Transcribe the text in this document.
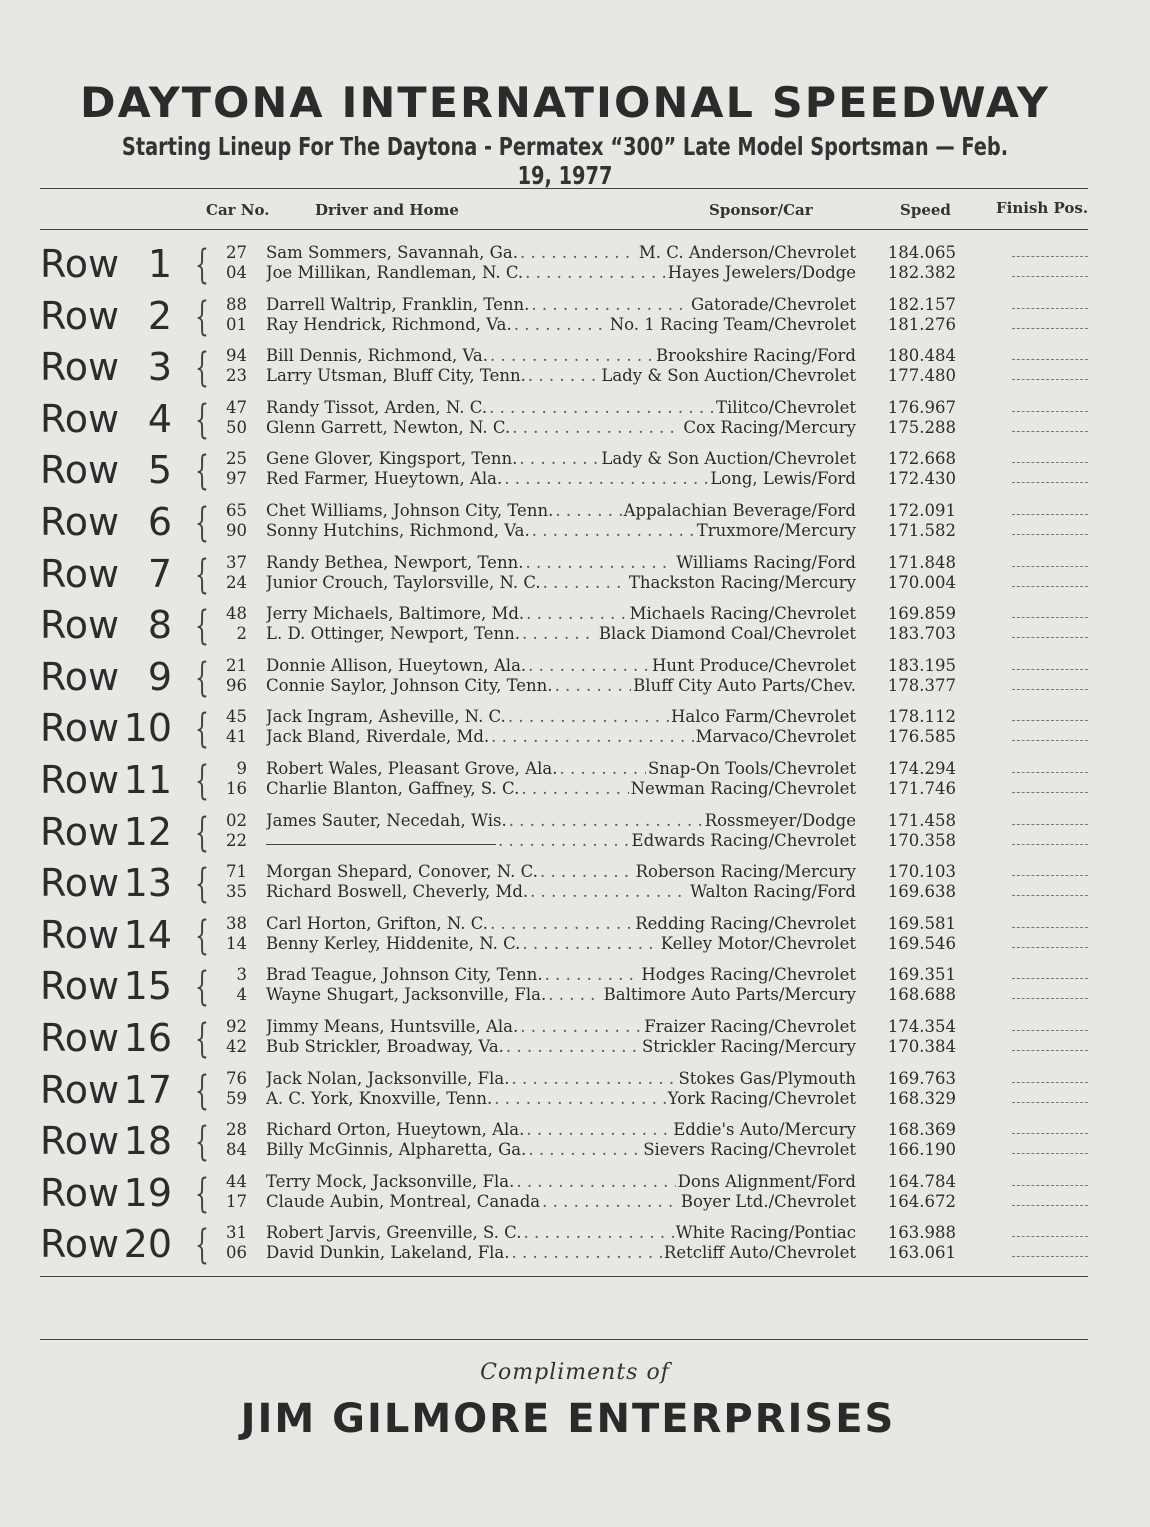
DAYTONA INTERNATIONAL SPEEDWAY
Starting Lineup For The Daytona - Permatex “300” Late Model Sportsman — Feb. 19, 1977
Car No.	Driver and Home	Sponsor/Car	Speed	Finish Pos.
Row 1 {	27 Sam Sommers, Savannah, Ga. . . .	M. C. Anderson/Chevrolet	184.065
04 Joe Millikan, Randleman, N. C. . . .	Hayes Jewelers/Dodge	182.382
Row 2 {	88 Darrell Waltrip, Franklin, Tenn. . . .	Gatorade/Chevrolet	182.157
01 Ray Hendrick, Richmond, Va. . . .	No. 1 Racing Team/Chevrolet	181.276
Row 3 {	94 Bill Dennis, Richmond, Va. . . .	Brookshire Racing/Ford	180.484
23 Larry Utsman, Bluff City, Tenn. . . .	Lady & Son Auction/Chevrolet	177.480
Row 4 {	47 Randy Tissot, Arden, N. C. . . .	Tilitco/Chevrolet	176.967
50 Glenn Garrett, Newton, N. C. . . .	Cox Racing/Mercury	175.288
Row 5 {	25 Gene Glover, Kingsport, Tenn. . . .	Lady & Son Auction/Chevrolet	172.668
97 Red Farmer, Hueytown, Ala. . . .	Long, Lewis/Ford	172.430
Row 6 {	65 Chet Williams, Johnson City, Tenn. . . .	Appalachian Beverage/Ford	172.091
90 Sonny Hutchins, Richmond, Va. . . .	Truxmore/Mercury	171.582
Row 7 {	37 Randy Bethea, Newport, Tenn. . . .	Williams Racing/Ford	171.848
24 Junior Crouch, Taylorsville, N. C. . . .	Thackston Racing/Mercury	170.004
Row 8 {	48 Jerry Michaels, Baltimore, Md. . . .	Michaels Racing/Chevrolet	169.859
2 L. D. Ottinger, Newport, Tenn. . . .	Black Diamond Coal/Chevrolet	183.703
Row 9 {	21 Donnie Allison, Hueytown, Ala. . . .	Hunt Produce/Chevrolet	183.195
96 Connie Saylor, Johnson City, Tenn. . . .	Bluff City Auto Parts/Chev.	178.377
Row 10 {	45 Jack Ingram, Asheville, N. C. . . .	Halco Farm/Chevrolet	178.112
41 Jack Bland, Riverdale, Md. . . .	Marvaco/Chevrolet	176.585
Row 11 {	9 Robert Wales, Pleasant Grove, Ala. . . .	Snap-On Tools/Chevrolet	174.294
16 Charlie Blanton, Gaffney, S. C. . . .	Newman Racing/Chevrolet	171.746
Row 12 {	02 James Sauter, Necedah, Wis. . . .	Rossmeyer/Dodge	171.458
22 . . .	Edwards Racing/Chevrolet	170.358
Row 13 {	71 Morgan Shepard, Conover, N. C. . . .	Roberson Racing/Mercury	170.103
35 Richard Boswell, Cheverly, Md. . . .	Walton Racing/Ford	169.638
Row 14 {	38 Carl Horton, Grifton, N. C. . . .	Redding Racing/Chevrolet	169.581
14 Benny Kerley, Hiddenite, N. C. . . .	Kelley Motor/Chevrolet	169.546
Row 15 {	3 Brad Teague, Johnson City, Tenn. . . .	Hodges Racing/Chevrolet	169.351
4 Wayne Shugart, Jacksonville, Fla. . . .	Baltimore Auto Parts/Mercury	168.688
Row 16 {	92 Jimmy Means, Huntsville, Ala. . . .	Fraizer Racing/Chevrolet	174.354
42 Bub Strickler, Broadway, Va. . . .	Strickler Racing/Mercury	170.384
Row 17 {	76 Jack Nolan, Jacksonville, Fla. . . .	Stokes Gas/Plymouth	169.763
59 A. C. York, Knoxville, Tenn. . . .	York Racing/Chevrolet	168.329
Row 18 {	28 Richard Orton, Hueytown, Ala. . . .	Eddie's Auto/Mercury	168.369
84 Billy McGinnis, Alpharetta, Ga. . . .	Sievers Racing/Chevrolet	166.190
Row 19 {	44 Terry Mock, Jacksonville, Fla. . . .	Dons Alignment/Ford	164.784
17 Claude Aubin, Montreal, Canada . . .	Boyer Ltd./Chevrolet	164.672
Row 20 {	31 Robert Jarvis, Greenville, S. C. . . .	White Racing/Pontiac	163.988
06 David Dunkin, Lakeland, Fla. . . .	Retcliff Auto/Chevrolet	163.061
Compliments of
JIM GILMORE ENTERPRISES
